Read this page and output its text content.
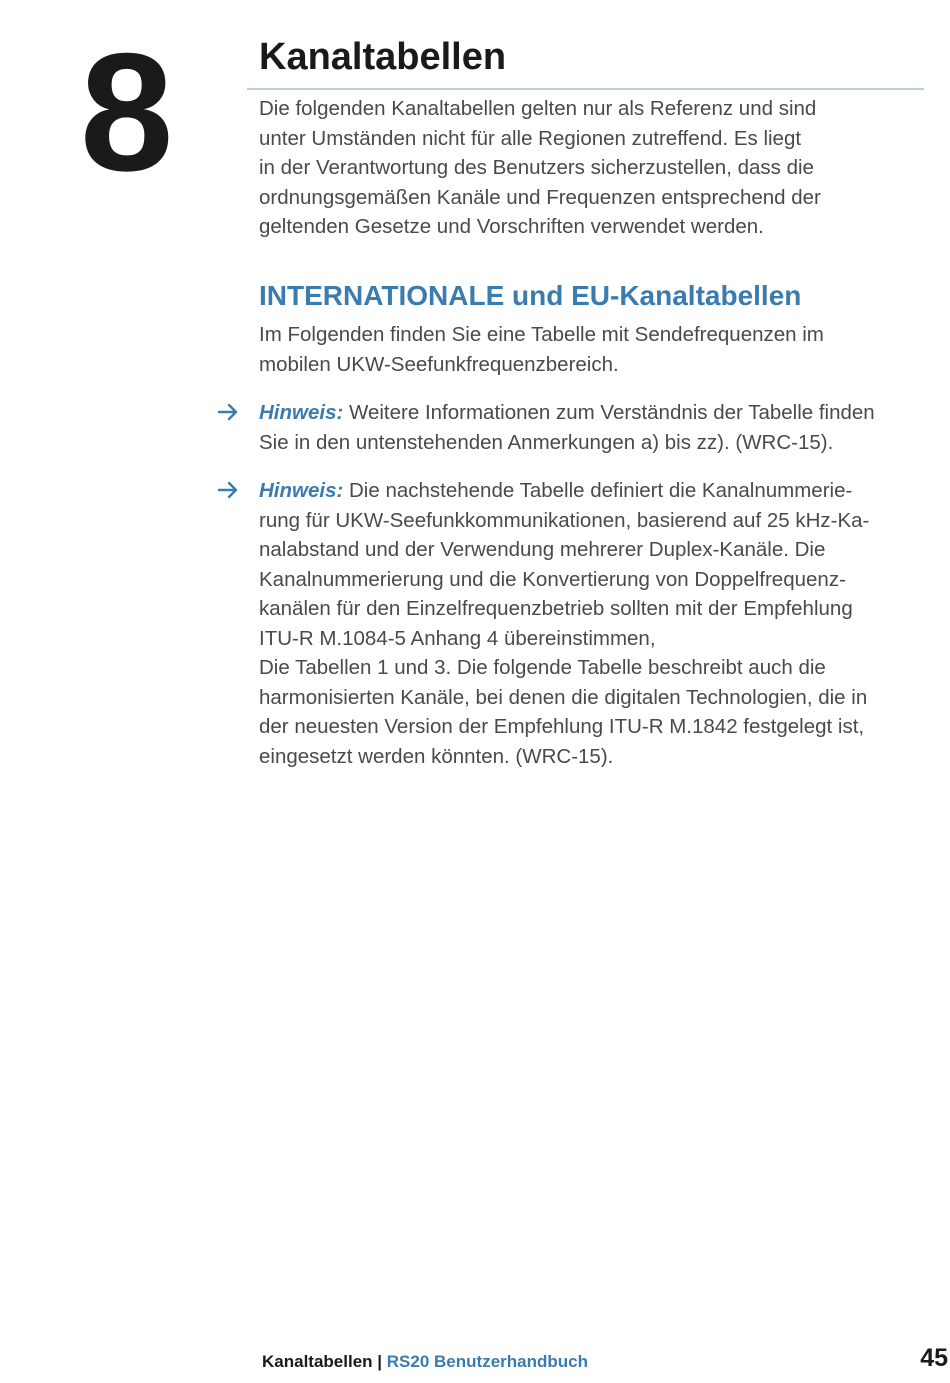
8 Kanaltabellen
Die folgenden Kanaltabellen gelten nur als Referenz und sind
unter Umständen nicht für alle Regionen zutreffend. Es liegt
in der Verantwortung des Benutzers sicherzustellen, dass die
ordnungsgemäßen Kanäle und Frequenzen entsprechend der
geltenden Gesetze und Vorschriften verwendet werden.
INTERNATIONALE und EU-Kanaltabellen
Im Folgenden finden Sie eine Tabelle mit Sendefrequenzen im
mobilen UKW-Seefunkfrequenzbereich.
Hinweis: Weitere Informationen zum Verständnis der Tabelle finden
Sie in den untenstehenden Anmerkungen a) bis zz). (WRC-15).
Hinweis: Die nachstehende Tabelle definiert die Kanalnummerie-
rung für UKW-Seefunkkommunikationen, basierend auf 25 kHz-Ka-
nalabstand und der Verwendung mehrerer Duplex-Kanäle. Die
Kanalnummerierung und die Konvertierung von Doppelfrequenz-
kanälen für den Einzelfrequenzbetrieb sollten mit der Empfehlung
ITU-R M.1084-5 Anhang 4 übereinstimmen,
Die Tabellen 1 und 3. Die folgende Tabelle beschreibt auch die
harmonisierten Kanäle, bei denen die digitalen Technologien, die in
der neuesten Version der Empfehlung ITU-R M.1842 festgelegt ist,
eingesetzt werden könnten. (WRC-15).
Kanaltabellen | RS20 Benutzerhandbuch	45
